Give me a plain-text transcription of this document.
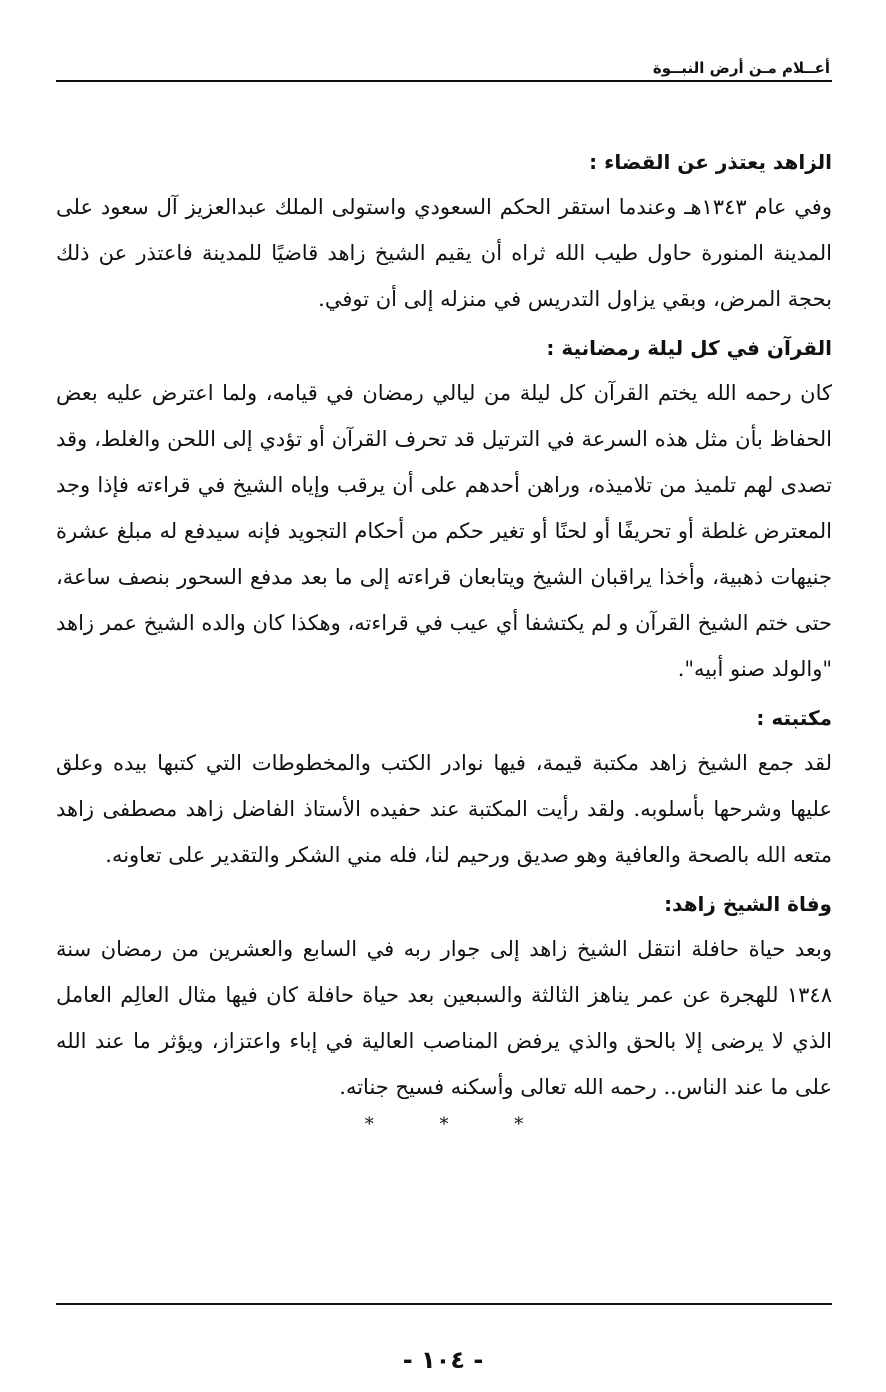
أعــلام مـن أرض النبــوة
الزاهد يعتذر عن القضاء :

وفي عام ١٣٤٣هـ وعندما استقر الحكم السعودي واستولى الملك عبدالعزيز آل سعود على المدينة المنورة حاول طيب الله ثراه أن يقيم الشيخ زاهد قاضيًا للمدينة فاعتذر عن ذلك بحجة المرض، وبقي يزاول التدريس في منزله إلى أن توفي.

القرآن في كل ليلة رمضانية :

كان رحمه الله يختم القرآن كل ليلة من ليالي رمضان في قيامه، ولما اعترض عليه بعض الحفاظ بأن مثل هذه السرعة في الترتيل قد تحرف القرآن أو تؤدي إلى اللحن والغلط، وقد تصدى لهم تلميذ من تلاميذه، وراهن أحدهم على أن يرقب وإياه الشيخ في قراءته فإذا وجد المعترض غلطة أو تحريفًا أو لحنًا أو تغير حكم من أحكام التجويد فإنه سيدفع له مبلغ عشرة جنيهات ذهبية، وأخذا يراقبان الشيخ ويتابعان قراءته إلى ما بعد مدفع السحور بنصف ساعة، حتى ختم الشيخ القرآن و لم يكتشفا أي عيب في قراءته، وهكذا كان والده الشيخ عمر زاهد "والولد صنو أبيه".

مكتبته :

لقد جمع الشيخ زاهد مكتبة قيمة، فيها نوادر الكتب والمخطوطات التي كتبها بيده وعلق عليها وشرحها بأسلوبه. ولقد رأيت المكتبة عند حفيده الأستاذ الفاضل زاهد مصطفى زاهد متعه الله بالصحة والعافية وهو صديق ورحيم لنا، فله مني الشكر والتقدير على تعاونه.

وفاة الشيخ زاهد:

وبعد حياة حافلة انتقل الشيخ زاهد إلى جوار ربه في السابع والعشرين من رمضان سنة ١٣٤٨ للهجرة عن عمر يناهز الثالثة والسبعين بعد حياة حافلة كان فيها مثال العالِم العامل الذي لا يرضى إلا بالحق والذي يرفض المناصب العالية في إباء واعتزاز، ويؤثر ما عند الله على ما عند الناس.. رحمه الله تعالى وأسكنه فسيح جناته.

* * *
- ١٠٤ -
